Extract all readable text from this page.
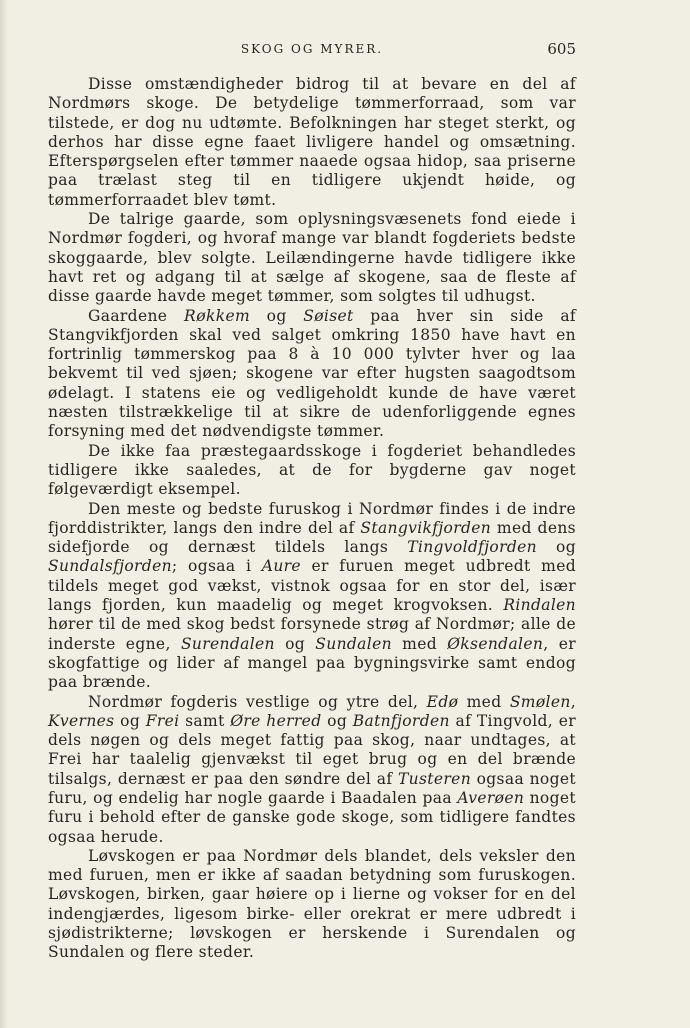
SKOG OG MYRER.	605

Disse omstændigheder bidrog til at bevare en del af Nordmørs skoge. De betydelige tømmerforraad, som var tilstede, er dog nu udtømte. Befolkningen har steget sterkt, og derhos har disse egne faaet livligere handel og omsætning. Efterspørgselen efter tømmer naaede ogsaa hidop, saa priserne paa trælast steg til en tidligere ukjendt høide, og tømmerforraadet blev tømt.

De talrige gaarde, som oplysningsvæsenets fond eiede i Nordmør fogderi, og hvoraf mange var blandt fogderiets bedste skoggaarde, blev solgte. Leilændingerne havde tidligere ikke havt ret og adgang til at sælge af skogene, saa de fleste af disse gaarde havde meget tømmer, som solgtes til udhugst.

Gaardene Røkkem og Søiset paa hver sin side af Stangvikfjorden skal ved salget omkring 1850 have havt en fortrinlig tømmerskog paa 8 à 10 000 tylvter hver og laa bekvemt til ved sjøen; skogene var efter hugsten saagodtsom ødelagt. I statens eie og vedligeholdt kunde de have været næsten tilstrækkelige til at sikre de udenforliggende egnes forsyning med det nødvendigste tømmer.

De ikke faa præstegaardsskoge i fogderiet behandledes tidligere ikke saaledes, at de for bygderne gav noget følgeværdigt eksempel.

Den meste og bedste furuskog i Nordmør findes i de indre fjorddistrikter, langs den indre del af Stangvikfjorden med dens sidefjorde og dernæst tildels langs Tingvoldfjorden og Sundalsfjorden; ogsaa i Aure er furuen meget udbredt med tildels meget god vækst, vistnok ogsaa for en stor del, især langs fjorden, kun maadelig og meget krogvoksen. Rindalen hører til de med skog bedst forsynede strøg af Nordmør; alle de inderste egne, Surendalen og Sundalen med Øksendalen, er skogfattige og lider af mangel paa bygningsvirke samt endog paa brænde.

Nordmør fogderis vestlige og ytre del, Edø med Smølen, Kvernes og Frei samt Øre herred og Batnfjorden af Tingvold, er dels nøgen og dels meget fattig paa skog, naar undtages, at Frei har taalelig gjenvækst til eget brug og en del brænde tilsalgs, dernæst er paa den søndre del af Tusteren ogsaa noget furu, og endelig har nogle gaarde i Baadalen paa Averøen noget furu i behold efter de ganske gode skoge, som tidligere fandtes ogsaa herude.

Løvskogen er paa Nordmør dels blandet, dels veksler den med furuen, men er ikke af saadan betydning som furuskogen. Løvskogen, birken, gaar høiere op i lierne og vokser for en del indengjærdes, ligesom birke- eller orekrat er mere udbredt i sjødistrikterne; løvskogen er herskende i Surendalen og Sundalen og flere steder.
